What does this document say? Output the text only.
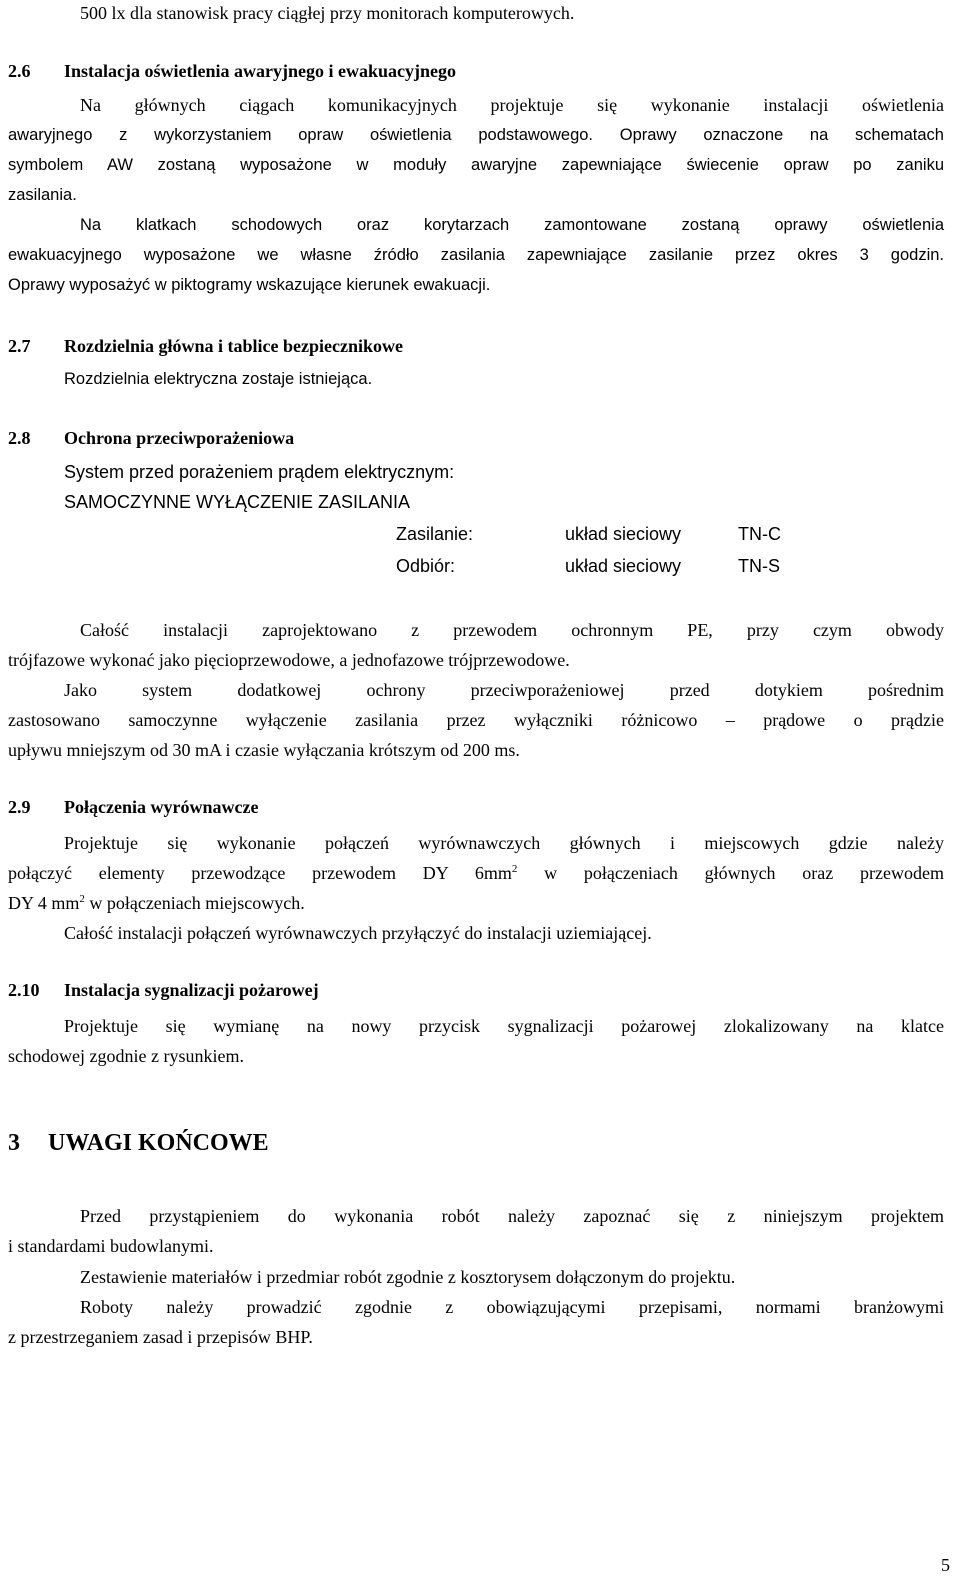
500 lx dla stanowisk pracy ciągłej przy monitorach komputerowych.
2.6 Instalacja oświetlenia awaryjnego i ewakuacyjnego
Na głównych ciągach komunikacyjnych projektuje się wykonanie instalacji oświetlenia
awaryjnego z wykorzystaniem opraw oświetlenia podstawowego. Oprawy oznaczone na schematach
symbolem AW zostaną wyposażone w moduły awaryjne zapewniające świecenie opraw po zaniku
zasilania.
Na klatkach schodowych oraz korytarzach zamontowane zostaną oprawy oświetlenia
ewakuacyjnego wyposażone we własne źródło zasilania zapewniające zasilanie przez okres 3 godzin.
Oprawy wyposażyć w piktogramy wskazujące kierunek ewakuacji.
2.7 Rozdzielnia główna i tablice bezpiecznikowe
Rozdzielnia elektryczna zostaje istniejąca.
2.8 Ochrona przeciwporażeniowa
System przed porażeniem prądem elektrycznym:
SAMOCZYNNE WYŁĄCZENIE ZASILANIA
Zasilanie:	układ sieciowy	TN-C
Odbiór:	układ sieciowy	TN-S
Całość instalacji zaprojektowano z przewodem ochronnym PE, przy czym obwody
trójfazowe wykonać jako pięcioprzewodowe, a jednofazowe trójprzewodowe.
Jako system dodatkowej ochrony przeciwporażeniowej przed dotykiem pośrednim
zastosowano samoczynne wyłączenie zasilania przez wyłączniki różnicowo – prądowe o prądzie
upływu mniejszym od 30 mA i czasie wyłączania krótszym od 200 ms.
2.9 Połączenia wyrównawcze
Projektuje się wykonanie połączeń wyrównawczych głównych i miejscowych gdzie należy
połączyć elementy przewodzące przewodem DY $6mm^2$ w połączeniach głównych oraz przewodem
DY 4 $mm^2$ w połączeniach miejscowych.
Całość instalacji połączeń wyrównawczych przyłączyć do instalacji uziemiającej.
2.10 Instalacja sygnalizacji pożarowej
Projektuje się wymianę na nowy przycisk sygnalizacji pożarowej zlokalizowany na klatce
schodowej zgodnie z rysunkiem.
3 UWAGI KOŃCOWE
Przed przystąpieniem do wykonania robót należy zapoznać się z niniejszym projektem
i standardami budowlanymi.
Zestawienie materiałów i przedmiar robót zgodnie z kosztorysem dołączonym do projektu.
Roboty należy prowadzić zgodnie z obowiązującymi przepisami, normami branżowymi
z przestrzeganiem zasad i przepisów BHP.
5
